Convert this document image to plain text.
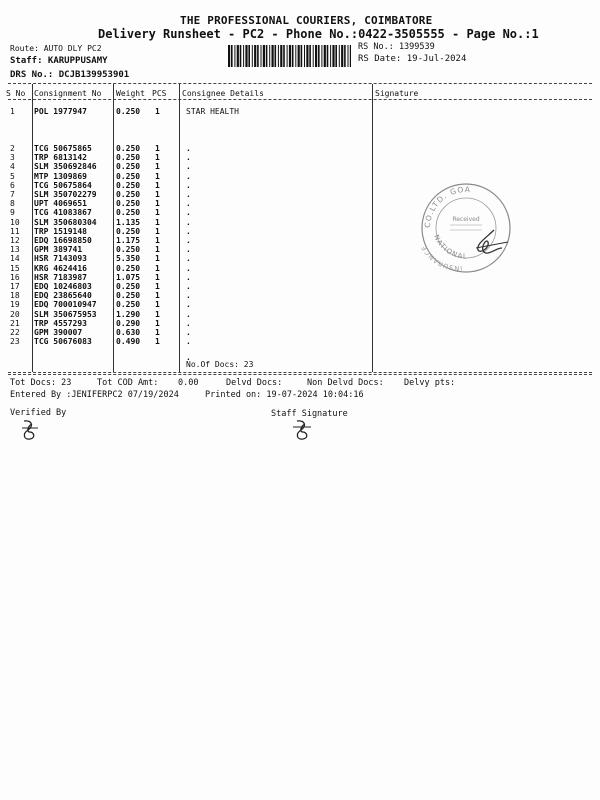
THE PROFESSIONAL COURIERS, COIMBATORE
Delivery Runsheet - PC2 - Phone No.:0422-3505555 - Page No.:1
Route: AUTO DLY PC2
Staff: KARUPPUSAMY
DRS No.: DCJB139953901
RS No.: 1399539
RS Date: 19-Jul-2024
S No Consignment No Weight PCS Consignee Details	Signature
1 POL 1977947	0.250 1	STAR HEALTH
2 TCG 50675865	0.250 1	.
3 TRP 6813142	0.250 1	.
4 SLM 350692846 0.250 1	.
5 MTP 1309869	0.250 1	.
6 TCG 50675864	0.250 1	.
7 SLM 350702279 0.250 1	.
8 UPT 4069651	0.250 1	.
9 TCG 41083867	0.250 1	.
10 SLM 350680304 1.135 1	.
11 TRP 1519148	0.250 1	.
12 EDQ 16698850	1.175 1	.
13 GPM 389741	0.250 1	.
14 HSR 7143093	5.350 1	.
15 KRG 4624416	0.250 1	.
16 HSR 7183987	1.075 1	.
17 EDQ 10246803	0.250 1	.
18 EDQ 23865640	0.250 1	.
19 EDQ 700010947 0.250 1	.
20 SLM 350675953 1.290 1	.
21 TRP 4557293	0.290 1	.
22 GPM 390007	0.630 1	.
23 TCG 50676083	0.490 1	.
.
No.Of Docs: 23
CO.LTD. GOA
NATIONAL
INSURANCE
Received
Tot Docs: 23	Tot COD Amt: 0.00	Delvd Docs:	Non Delvd Docs: Delvy pts:
Entered By :JENIFERPC2 07/19/2024	Printed on: 19-07-2024 10:04:16
Verified By	Staff Signature
